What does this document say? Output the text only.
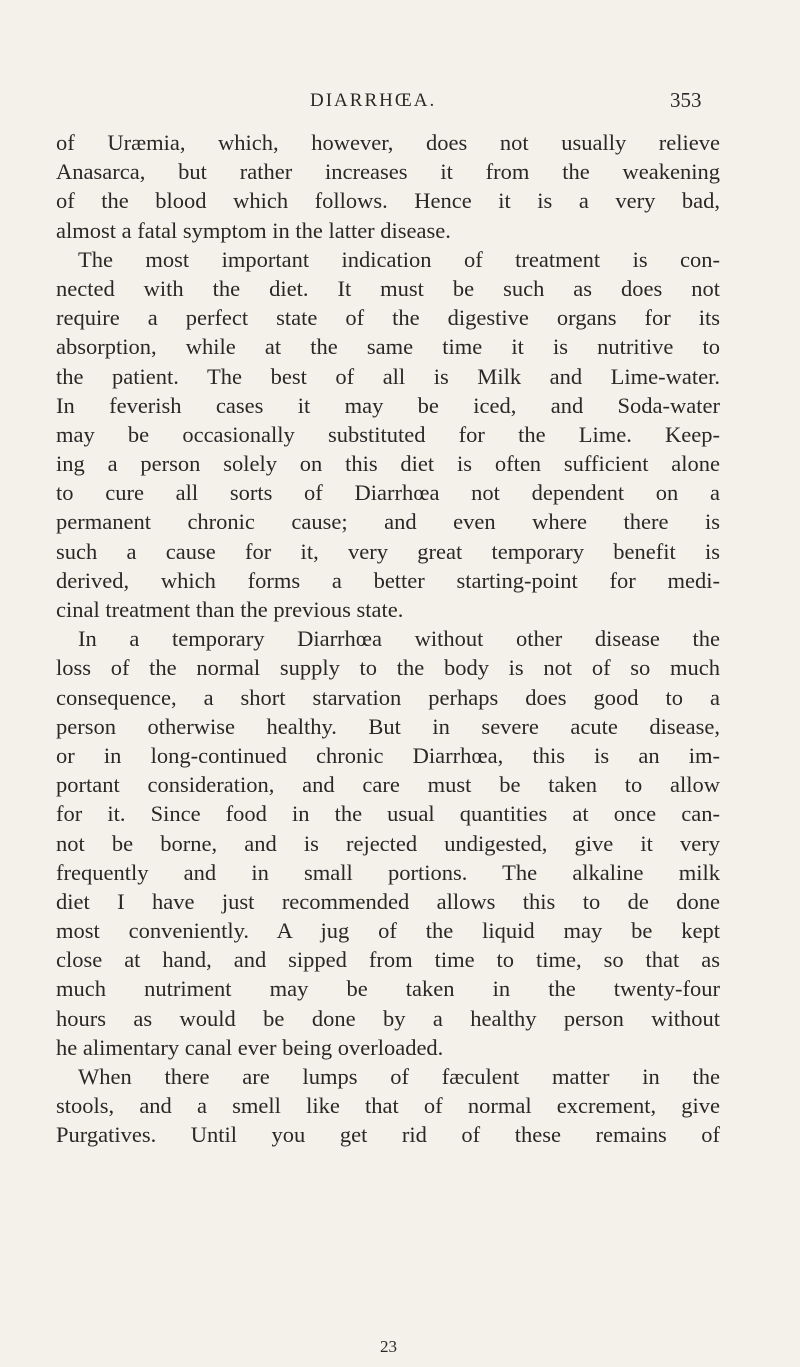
DIARRHŒA.	353
of Uræmia, which, however, does not usually relieve
Anasarca, but rather increases it from the weakening
of the blood which follows. Hence it is a very bad,
almost a fatal symptom in the latter disease.
The most important indication of treatment is con-
nected with the diet. It must be such as does not
require a perfect state of the digestive organs for its
absorption, while at the same time it is nutritive to
the patient. The best of all is Milk and Lime-water.
In feverish cases it may be iced, and Soda-water
may be occasionally substituted for the Lime. Keep-
ing a person solely on this diet is often sufficient alone
to cure all sorts of Diarrhœa not dependent on a
permanent chronic cause; and even where there is
such a cause for it, very great temporary benefit is
derived, which forms a better starting-point for medi-
cinal treatment than the previous state.
In a temporary Diarrhœa without other disease the
loss of the normal supply to the body is not of so much
consequence, a short starvation perhaps does good to a
person otherwise healthy. But in severe acute disease,
or in long-continued chronic Diarrhœa, this is an im-
portant consideration, and care must be taken to allow
for it. Since food in the usual quantities at once can-
not be borne, and is rejected undigested, give it very
frequently and in small portions. The alkaline milk
diet I have just recommended allows this to de done
most conveniently. A jug of the liquid may be kept
close at hand, and sipped from time to time, so that as
much nutriment may be taken in the twenty-four
hours as would be done by a healthy person without
he alimentary canal ever being overloaded.
When there are lumps of fæculent matter in the
stools, and a smell like that of normal excrement, give
Purgatives. Until you get rid of these remains of
23
